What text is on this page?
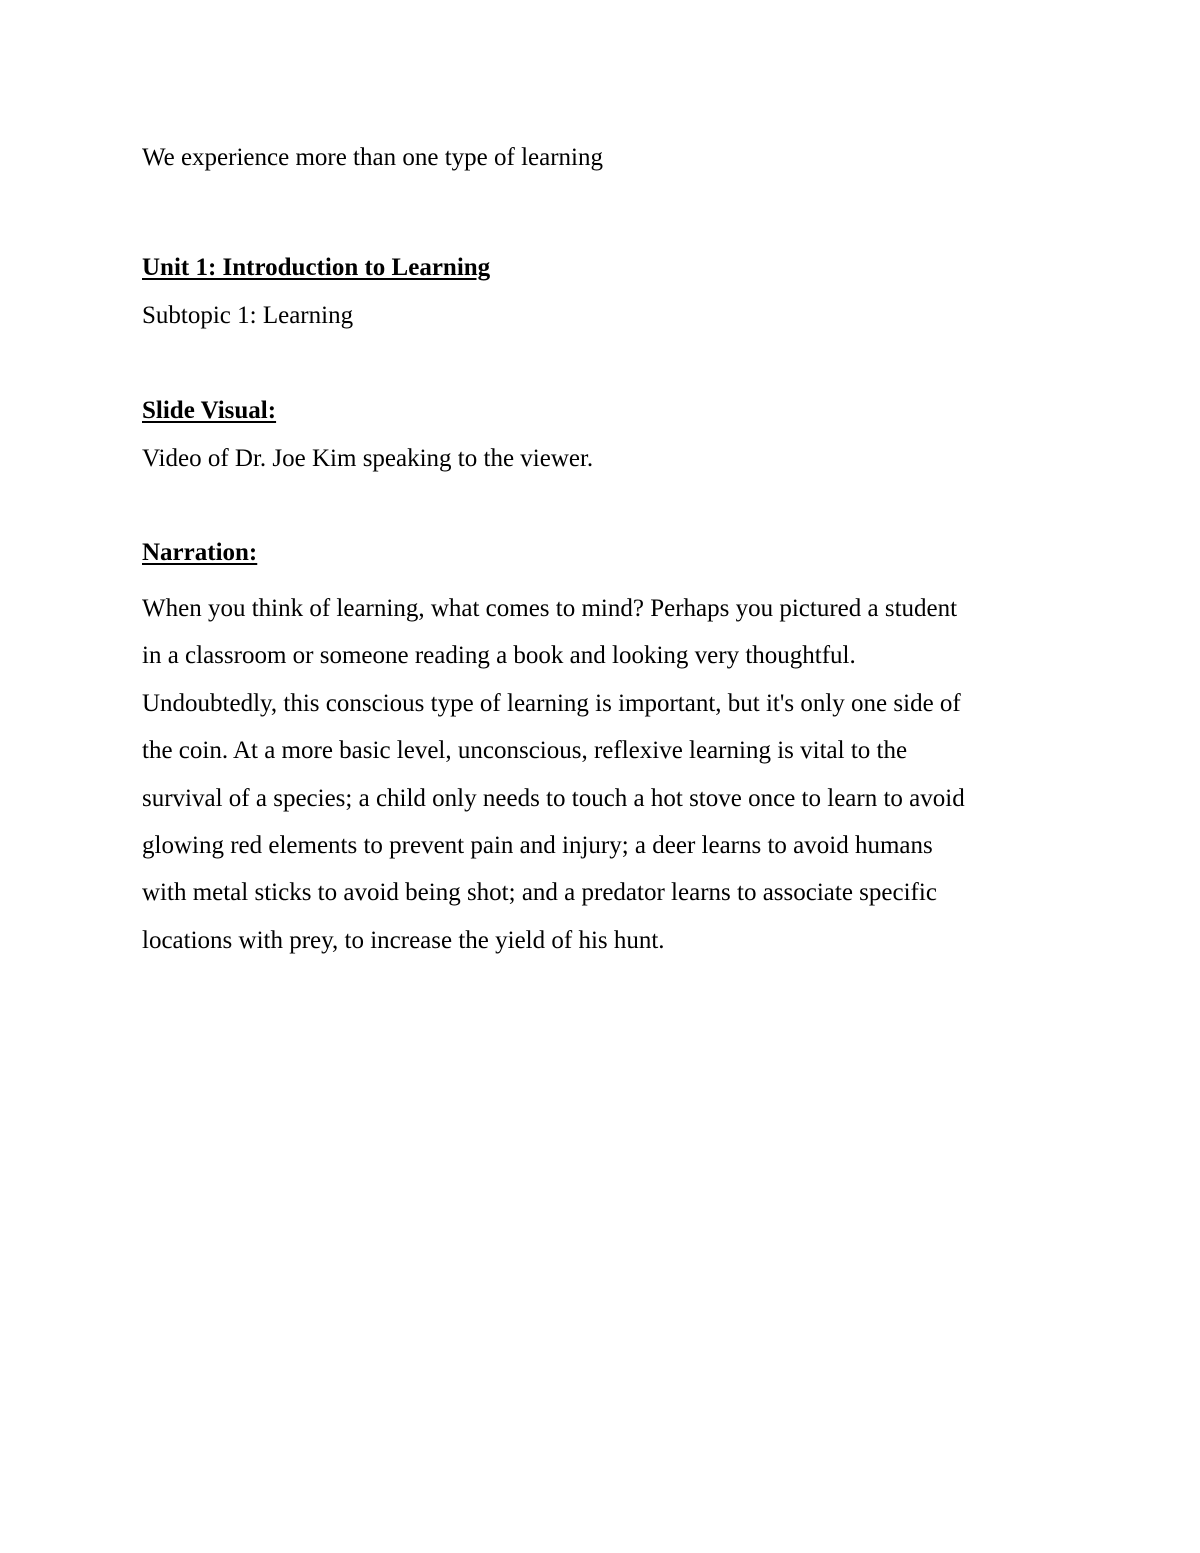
We experience more than one type of learning

Unit 1: Introduction to Learning

Subtopic 1: Learning

Slide Visual:

Video of Dr. Joe Kim speaking to the viewer.

Narration:

When you think of learning, what comes to mind? Perhaps you pictured a student
in a classroom or someone reading a book and looking very thoughtful.
Undoubtedly, this conscious type of learning is important, but it's only one side of
the coin. At a more basic level, unconscious, reflexive learning is vital to the
survival of a species; a child only needs to touch a hot stove once to learn to avoid
glowing red elements to prevent pain and injury; a deer learns to avoid humans
with metal sticks to avoid being shot; and a predator learns to associate specific
locations with prey, to increase the yield of his hunt.
